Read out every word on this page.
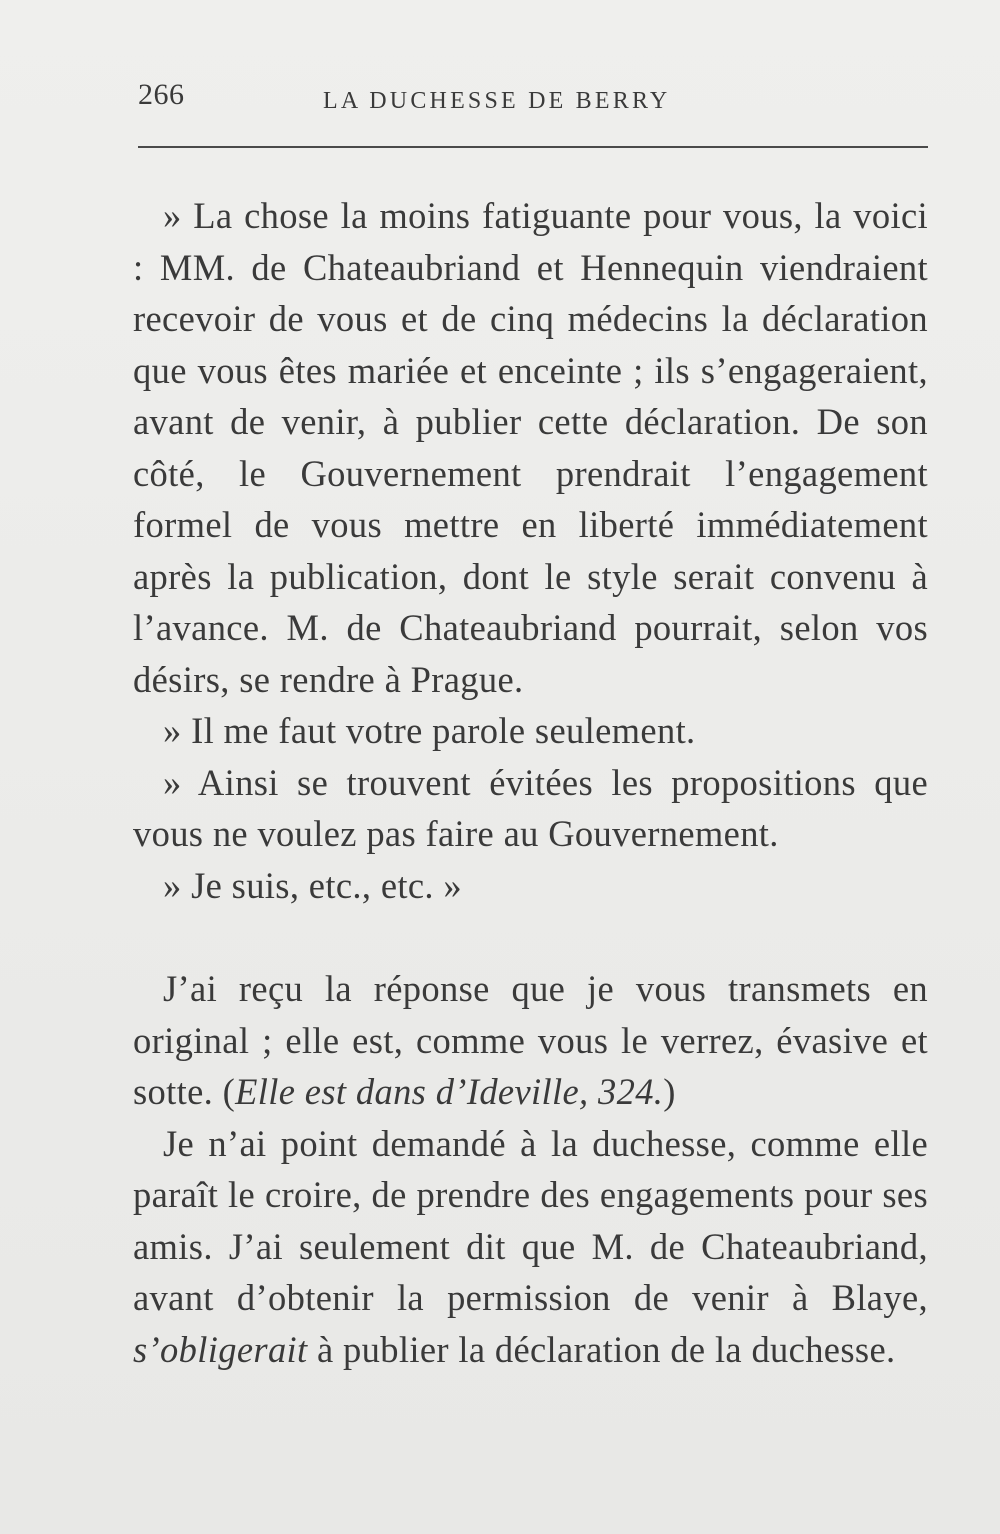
266	LA DUCHESSE DE BERRY

» La chose la moins fatiguante pour vous, la voici : MM. de Chateaubriand et Hennequin viendraient recevoir de vous et de cinq médecins la déclaration que vous êtes mariée et enceinte ; ils s’engageraient, avant de venir, à publier cette déclaration. De son côté, le Gouvernement prendrait l’engagement formel de vous mettre en liberté immédiatement après la publication, dont le style serait convenu à l’avance. M. de Chateaubriand pourrait, selon vos désirs, se rendre à Prague.

» Il me faut votre parole seulement.

» Ainsi se trouvent évitées les propositions que vous ne voulez pas faire au Gouvernement.

» Je suis, etc., etc. »

J’ai reçu la réponse que je vous transmets en original ; elle est, comme vous le verrez, évasive et sotte. (Elle est dans d’Ideville, 324.)

Je n’ai point demandé à la duchesse, comme elle paraît le croire, de prendre des engagements pour ses amis. J’ai seulement dit que M. de Chateaubriand, avant d’obtenir la permission de venir à Blaye, s’obligerait à publier la déclaration de la duchesse.
